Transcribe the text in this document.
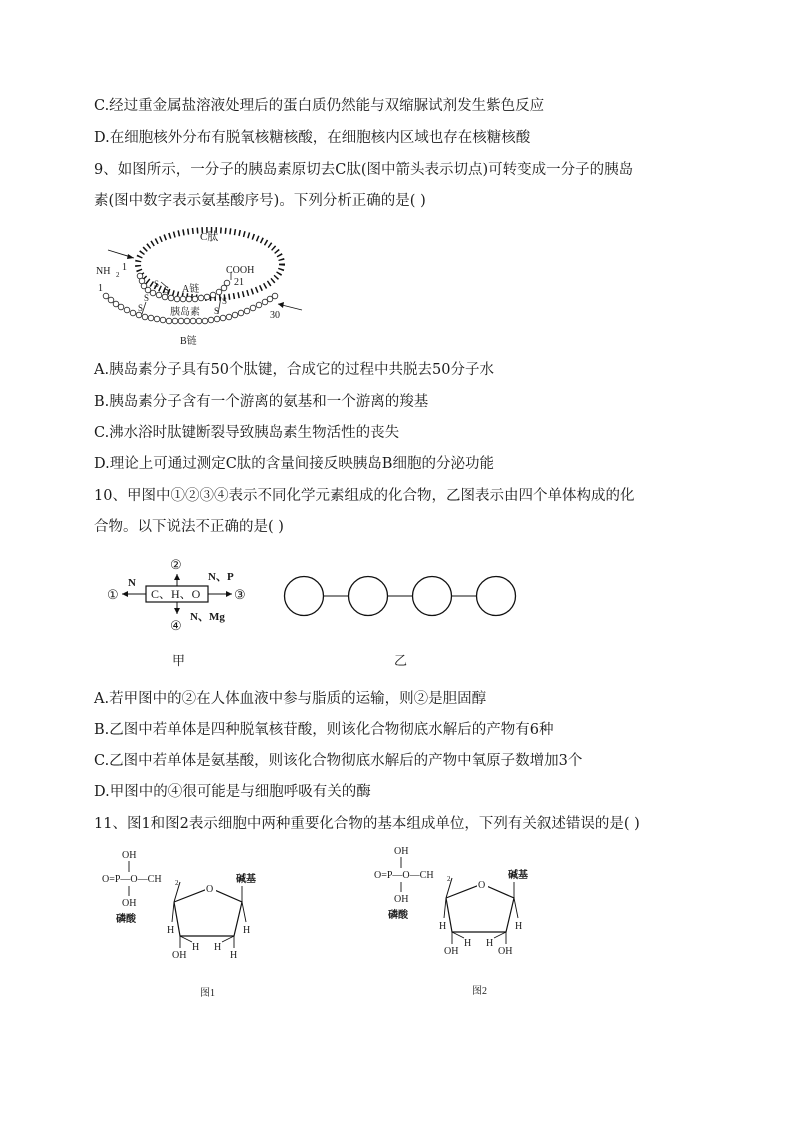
C.经过重金属盐溶液处理后的蛋白质仍然能与双缩脲试剂发生紫色反应
D.在细胞核外分布有脱氧核糖核酸，在细胞核内区域也存在核糖核酸
9、如图所示，一分子的胰岛素原切去C肽(图中箭头表示切点)可转变成一分子的胰岛
素(图中数字表示氨基酸序号)。下列分析正确的是( )
C肽
NH 2
1
1
COOH
21
30
S
S
S
S
S
S
A链
胰岛素
B链
A.胰岛素分子具有50个肽键，合成它的过程中共脱去50分子水
B.胰岛素分子含有一个游离的氨基和一个游离的羧基
C.沸水浴时肽键断裂导致胰岛素生物活性的丧失
D.理论上可通过测定C肽的含量间接反映胰岛B细胞的分泌功能
10、甲图中①②③④表示不同化学元素组成的化合物，乙图表示由四个单体构成的化
合物。以下说法不正确的是( )
C、H、O
①
②
③
④
N	N、P
N、Mg
甲	乙
A.若甲图中的②在人体血液中参与脂质的运输，则②是胆固醇
B.乙图中若单体是四种脱氧核苷酸，则该化合物彻底水解后的产物有6种
C.乙图中若单体是氨基酸，则该化合物彻底水解后的产物中氧原子数增加3个
D.甲图中的④很可能是与细胞呼吸有关的酶
11、图1和图2表示细胞中两种重要化合物的基本组成单位，下列有关叙述错误的是( )
OH
O=P—O—CH 2
OH
磷酸
O
碱基
H	H
OH
H H
H
图1
OH
O=P—O—CH 2
OH
磷酸
O
碱基
H	H
OH
H H
OH
图2
